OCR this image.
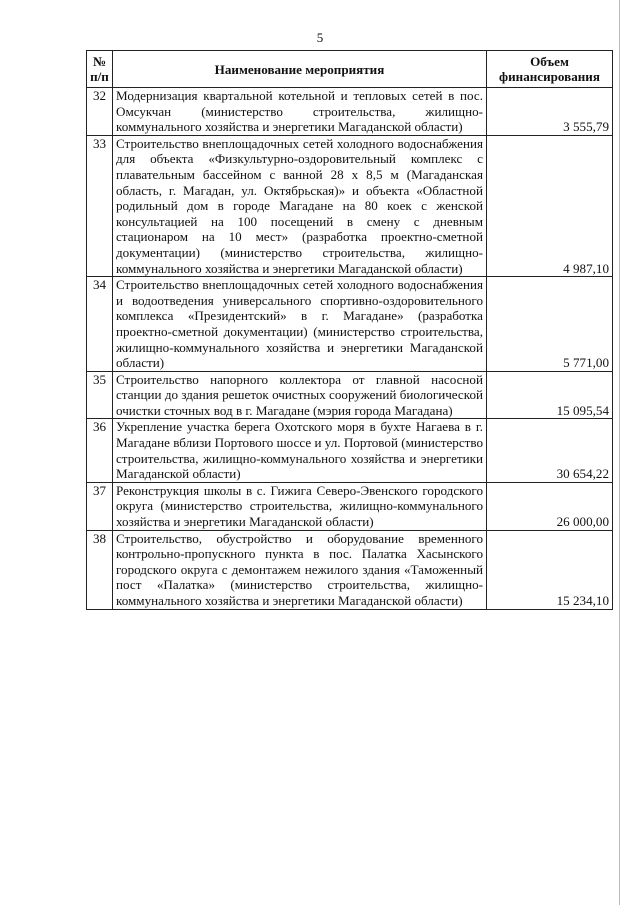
5
№ п/п	Наименование мероприятия	Объем финансирования
32	Модернизация квартальной котельной и тепловых сетей в пос. Омсукчан (министерство строительства, жилищно-коммунального хозяйства и энергетики Магаданской области)	3 555,79
33	Строительство внеплощадочных сетей холодного водоснабжения для объекта «Физкультурно-оздоровительный комплекс с плавательным бассейном с ванной 28 х 8,5 м (Магаданская область, г. Магадан, ул. Октябрьская)» и объекта «Областной родильный дом в городе Магадане на 80 коек с женской консультацией на 100 посещений в смену с дневным стационаром на 10 мест» (разработка проектно-сметной документации) (министерство строительства, жилищно-коммунального хозяйства и энергетики Магаданской области)	4 987,10
34	Строительство внеплощадочных сетей холодного водоснабжения и водоотведения универсального спортивно-оздоровительного комплекса «Президентский» в г. Магадане» (разработка проектно-сметной документации) (министерство строительства, жилищно-коммунального хозяйства и энергетики Магаданской области)	5 771,00
35	Строительство напорного коллектора от главной насосной станции до здания решеток очистных сооружений биологической очистки сточных вод в г. Магадане (мэрия города Магадана)	15 095,54
36	Укрепление участка берега Охотского моря в бухте Нагаева в г. Магадане вблизи Портового шоссе и ул. Портовой (министерство строительства, жилищно-коммунального хозяйства и энергетики Магаданской области)	30 654,22
37	Реконструкция школы в с. Гижига Северо-Эвенского городского округа (министерство строительства, жилищно-коммунального хозяйства и энергетики Магаданской области)	26 000,00
38	Строительство, обустройство и оборудование временного контрольно-пропускного пункта в пос. Палатка Хасынского городского округа с демонтажем нежилого здания «Таможенный пост «Палатка» (министерство строительства, жилищно-коммунального хозяйства и энергетики Магаданской области)	15 234,10
